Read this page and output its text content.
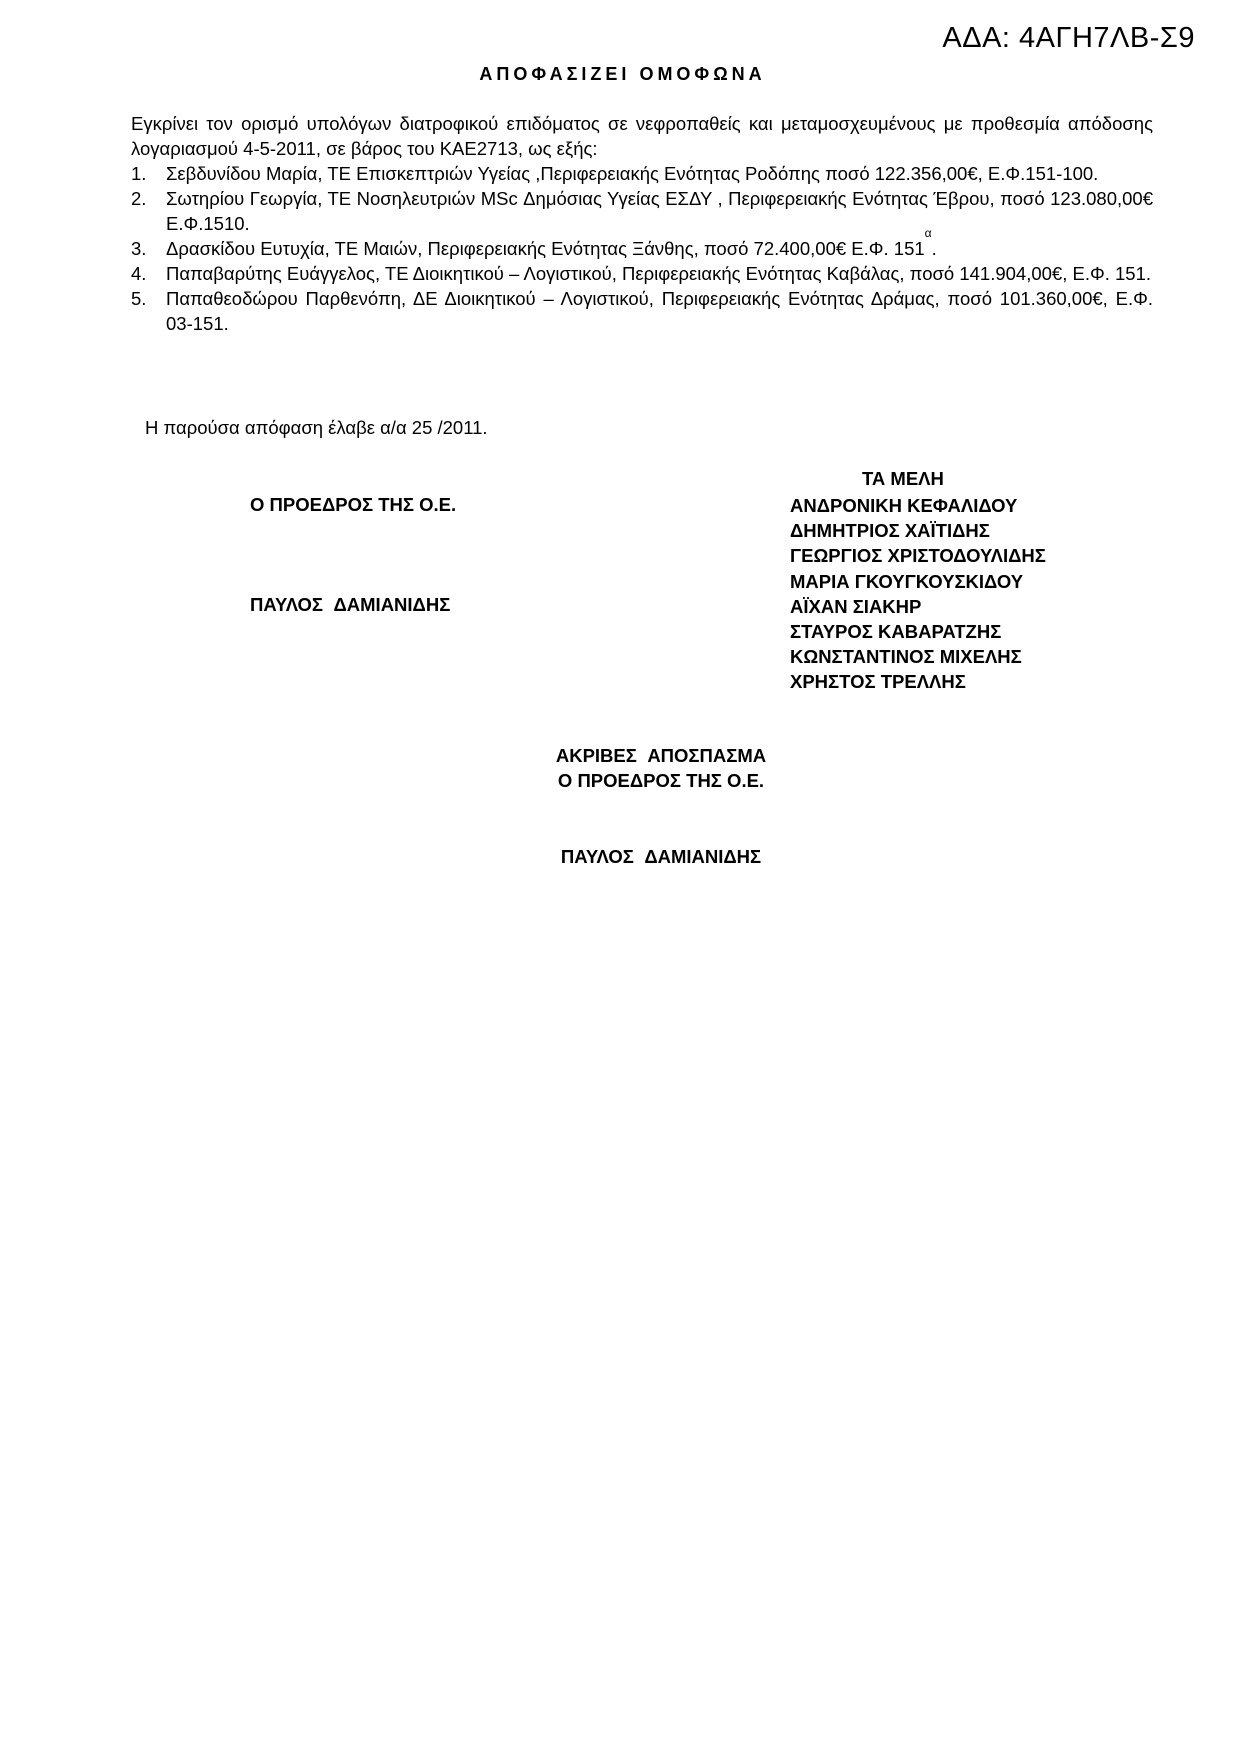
ΑΔΑ: 4ΑΓΗ7ΛΒ-Σ9
ΑΠΟΦΑΣΙΖΕΙ ΟΜΟΦΩΝΑ

Εγκρίνει τον ορισμό υπολόγων διατροφικού επιδόματος σε νεφροπαθείς και μεταμοσχευμένους με προθεσμία απόδοσης λογαριασμού 4-5-2011, σε βάρος του ΚΑΕ2713, ως εξής:

1. Σεβδυνίδου Μαρία, ΤΕ Επισκεπτριών Υγείας ,Περιφερειακής Ενότητας Ροδόπης ποσό 122.356,00€, Ε.Φ.151-100.
2. Σωτηρίου Γεωργία, ΤΕ Νοσηλευτριών MSc Δημόσιας Υγείας ΕΣΔΥ , Περιφερειακής Ενότητας Έβρου, ποσό 123.080,00€ Ε.Φ.1510.
3. Δρασκίδου Ευτυχία, ΤΕ Μαιών, Περιφερειακής Ενότητας Ξάνθης, ποσό 72.400,00€ Ε.Φ. $151^\alpha$.
4. Παπαβαρύτης Ευάγγελος, ΤΕ Διοικητικού – Λογιστικού, Περιφερειακής Ενότητας Καβάλας, ποσό 141.904,00€, Ε.Φ. 151.
5. Παπαθεοδώρου Παρθενόπη, ΔΕ Διοικητικού – Λογιστικού, Περιφερειακής Ενότητας Δράμας, ποσό 101.360,00€, Ε.Φ. 03-151.
Η παρούσα απόφαση έλαβε α/α 25 /2011.
ΤΑ ΜΕΛΗ
ΑΝΔΡΟΝΙΚΗ ΚΕΦΑΛΙΔΟΥ
ΔΗΜΗΤΡΙΟΣ ΧΑΪΤΙΔΗΣ
ΓΕΩΡΓΙΟΣ ΧΡΙΣΤΟΔΟΥΛΙΔΗΣ
ΜΑΡΙΑ ΓΚΟΥΓΚΟΥΣΚΙΔΟΥ
ΑΪΧΑΝ ΣΙΑΚΗΡ
ΣΤΑΥΡΟΣ ΚΑΒΑΡΑΤΖΗΣ
ΚΩΝΣΤΑΝΤΙΝΟΣ ΜΙΧΕΛΗΣ
ΧΡΗΣΤΟΣ ΤΡΕΛΛΗΣ
Ο ΠΡΟΕΔΡΟΣ ΤΗΣ Ο.Ε.
ΠΑΥΛΟΣ ΔΑΜΙΑΝΙΔΗΣ
ΑΚΡΙΒΕΣ ΑΠΟΣΠΑΣΜΑ
Ο ΠΡΟΕΔΡΟΣ ΤΗΣ Ο.Ε.
ΠΑΥΛΟΣ ΔΑΜΙΑΝΙΔΗΣ
